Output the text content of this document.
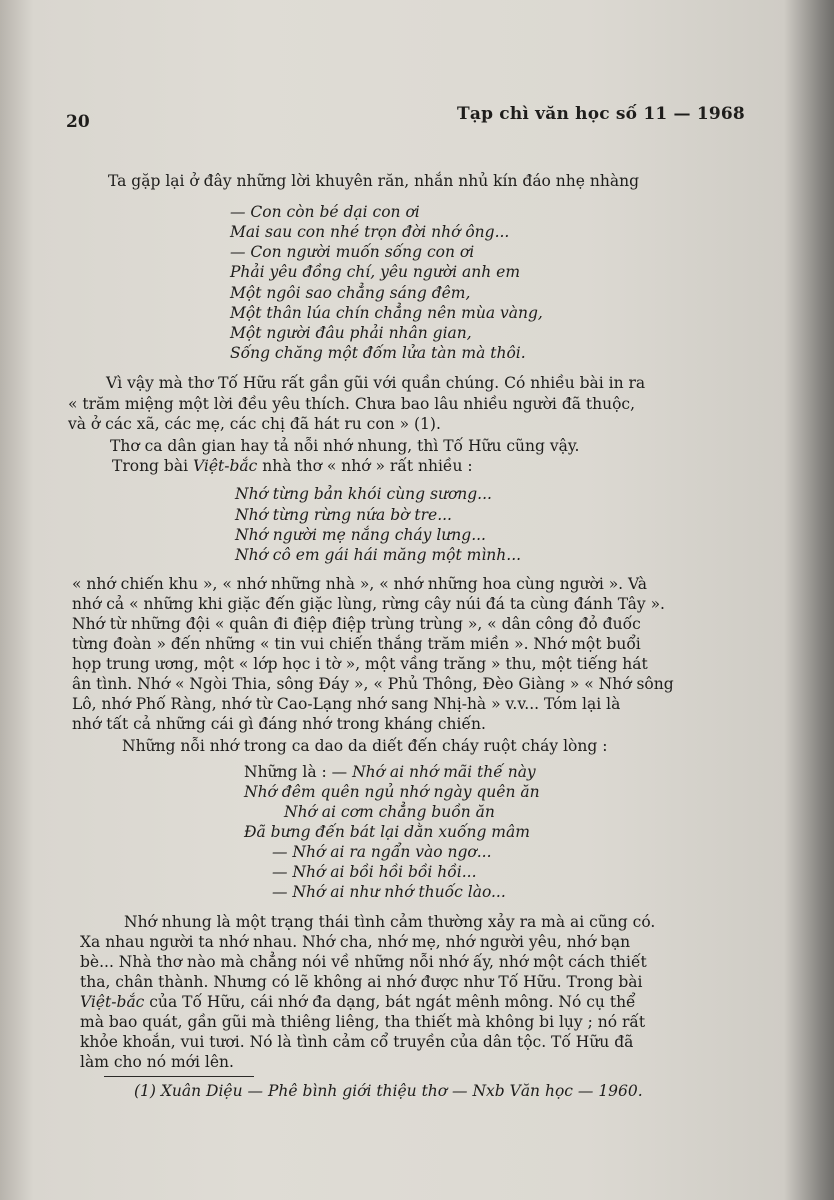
20	Tạp chì văn học số 11 — 1968
Ta gặp lại ở đây những lời khuyên răn, nhắn nhủ kín đáo nhẹ nhàng
— Con còn bé dại con ơi
Mai sau con nhé trọn đời nhớ ông...
— Con người muốn sống con ơi
Phải yêu đồng chí, yêu người anh em
Một ngôi sao chẳng sáng đêm,
Một thân lúa chín chẳng nên mùa vàng,
Một người đâu phải nhân gian,
Sống chăng một đốm lửa tàn mà thôi.
Vì vậy mà thơ Tố Hữu rất gần gũi với quần chúng. Có nhiều bài in ra
« trăm miệng một lời đều yêu thích. Chưa bao lâu nhiều người đã thuộc,
và ở các xã, các mẹ, các chị đã hát ru con » (1).
Thơ ca dân gian hay tả nỗi nhớ nhung, thì Tố Hữu cũng vậy.
Trong bài Việt-bắc nhà thơ « nhớ » rất nhiều :
Nhớ từng bản khói cùng sương...
Nhớ từng rừng nứa bờ tre...
Nhớ người mẹ nắng cháy lưng...
Nhớ cô em gái hái măng một mình...
« nhớ chiến khu », « nhớ những nhà », « nhớ những hoa cùng người ». Và
nhớ cả « những khi giặc đến giặc lùng, rừng cây núi đá ta cùng đánh Tây ».
Nhớ từ những đội « quân đi điệp điệp trùng trùng », « dân công đỏ đuốc
từng đoàn » đến những « tin vui chiến thắng trăm miền ». Nhớ một buổi
họp trung ương, một « lớp học i tờ », một vầng trăng » thu, một tiếng hát
ân tình. Nhớ « Ngòi Thia, sông Đáy », « Phủ Thông, Đèo Giàng » « Nhớ sông
Lô, nhớ Phố Ràng, nhớ từ Cao-Lạng nhớ sang Nhị-hà » v.v... Tóm lại là
nhớ tất cả những cái gì đáng nhớ trong kháng chiến.
Những nỗi nhớ trong ca dao da diết đến cháy ruột cháy lòng :
Những là : — Nhớ ai nhớ mãi thế này
Nhớ đêm quên ngủ nhớ ngày quên ăn
Nhớ ai cơm chẳng buồn ăn
Đã bưng đến bát lại dằn xuống mâm
— Nhớ ai ra ngẩn vào ngơ...
— Nhớ ai bồi hồi bồi hồi...
— Nhớ ai như nhớ thuốc lào...
Nhớ nhung là một trạng thái tình cảm thường xảy ra mà ai cũng có.
Xa nhau người ta nhớ nhau. Nhớ cha, nhớ mẹ, nhớ người yêu, nhớ bạn
bè... Nhà thơ nào mà chẳng nói về những nỗi nhớ ấy, nhớ một cách thiết
tha, chân thành. Nhưng có lẽ không ai nhớ được như Tố Hữu. Trong bài
Việt-bắc của Tố Hữu, cái nhớ đa dạng, bát ngát mênh mông. Nó cụ thể
mà bao quát, gần gũi mà thiêng liêng, tha thiết mà không bi lụy ; nó rất
khỏe khoắn, vui tươi. Nó là tình cảm cổ truyền của dân tộc. Tố Hữu đã
làm cho nó mới lên.
(1) Xuân Diệu — Phê bình giới thiệu thơ — Nxb Văn học — 1960.
